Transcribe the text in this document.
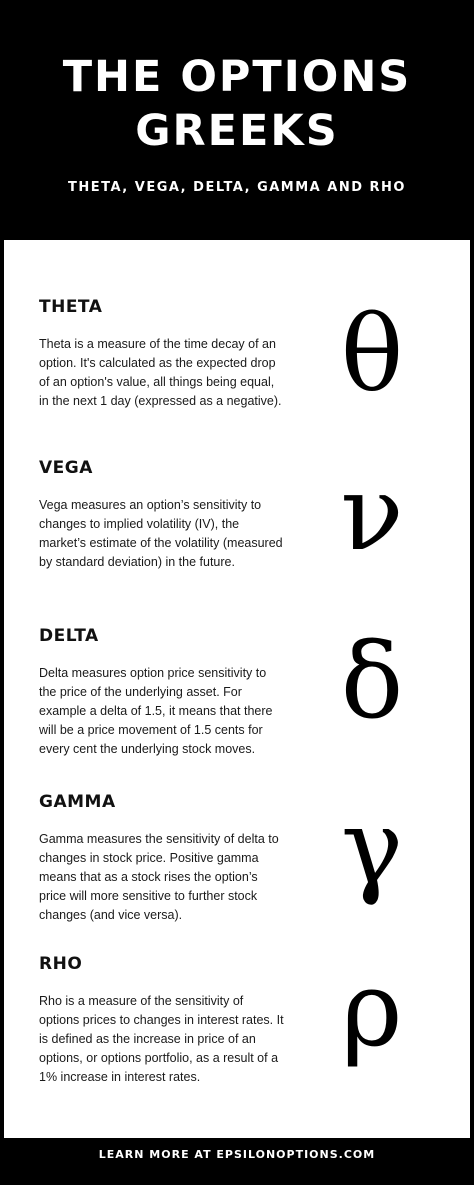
THE OPTIONS
GREEKS
THETA, VEGA, DELTA, GAMMA AND RHO
THETA
Theta is a measure of the time decay of an option. It's calculated as the expected drop of an option's value, all things being equal, in the next 1 day (expressed as a negative). θ
VEGA
Vega measures an option’s sensitivity to changes to implied volatility (IV), the market’s estimate of the volatility (measured by standard deviation) in the future.	ν
DELTA
Delta measures option price sensitivity to the price of the underlying asset. For example a delta of 1.5, it means that there will be a price movement of 1.5 cents for every cent the underlying stock moves.
δ
GAMMA
Gamma measures the sensitivity of delta to changes in stock price. Positive gamma means that as a stock rises the option’s price will more sensitive to further stock changes (and vice versa).
γ
RHO
Rho is a measure of the sensitivity of options prices to changes in interest rates. It is defined as the increase in price of an options, or options portfolio, as a result of a 1% increase in interest rates.
ρ
LEARN MORE AT EPSILONOPTIONS.COM
